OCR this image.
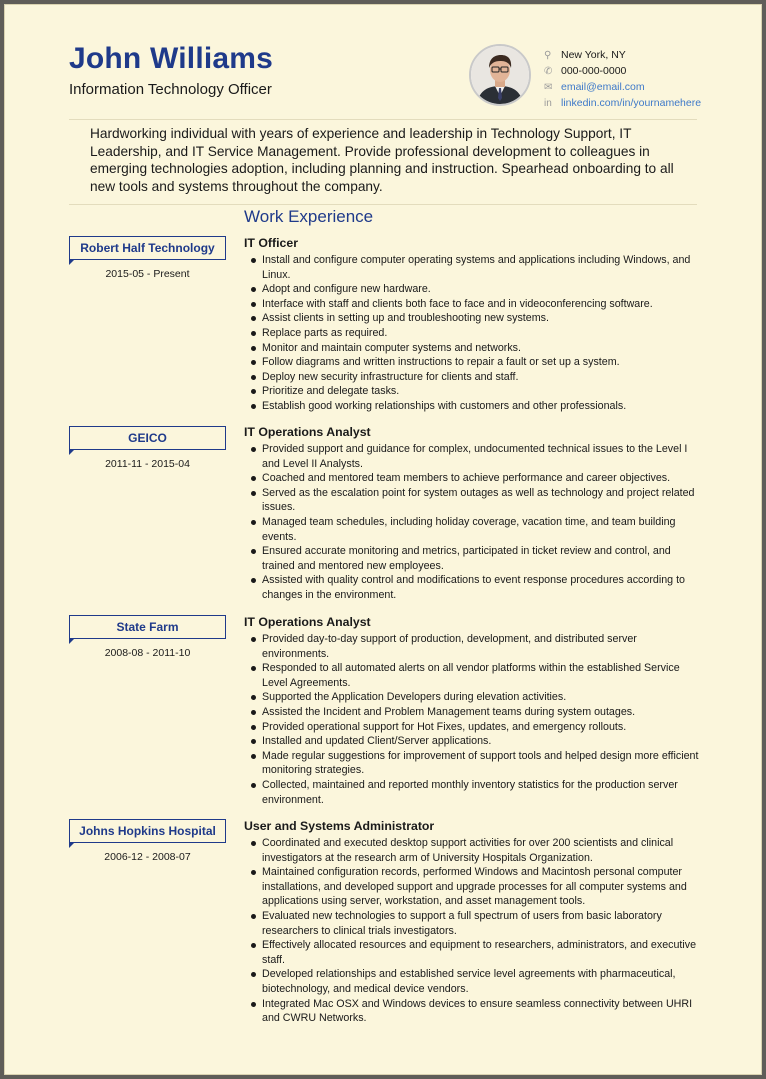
John Williams
Information Technology Officer
⚲ New York, NY
✆ 000-000-0000
✉ email@email.com
in linkedin.com/in/yournamehere
Hardworking individual with years of experience and leadership in Technology Support, IT Leadership, and IT Service Management. Provide professional development to colleagues in emerging technologies adoption, including planning and instruction. Spearhead onboarding to all new tools and systems throughout the company.
Work Experience
Robert Half Technology
2015-05 - Present
IT Officer
Install and configure computer operating systems and applications including Windows, and Linux.
Adopt and configure new hardware.
Interface with staff and clients both face to face and in videoconferencing software.
Assist clients in setting up and troubleshooting new systems.
Replace parts as required.
Monitor and maintain computer systems and networks.
Follow diagrams and written instructions to repair a fault or set up a system.
Deploy new security infrastructure for clients and staff.
Prioritize and delegate tasks.
Establish good working relationships with customers and other professionals.
GEICO
2011-11 - 2015-04
IT Operations Analyst
Provided support and guidance for complex, undocumented technical issues to the Level I and Level II Analysts.
Coached and mentored team members to achieve performance and career objectives.
Served as the escalation point for system outages as well as technology and project related issues.
Managed team schedules, including holiday coverage, vacation time, and team building events.
Ensured accurate monitoring and metrics, participated in ticket review and control, and trained and mentored new employees.
Assisted with quality control and modifications to event response procedures according to changes in the environment.
State Farm
2008-08 - 2011-10
IT Operations Analyst
Provided day-to-day support of production, development, and distributed server environments.
Responded to all automated alerts on all vendor platforms within the established Service Level Agreements.
Supported the Application Developers during elevation activities.
Assisted the Incident and Problem Management teams during system outages.
Provided operational support for Hot Fixes, updates, and emergency rollouts.
Installed and updated Client/Server applications.
Made regular suggestions for improvement of support tools and helped design more efficient monitoring strategies.
Collected, maintained and reported monthly inventory statistics for the production server environment.
Johns Hopkins Hospital
2006-12 - 2008-07
User and Systems Administrator
Coordinated and executed desktop support activities for over 200 scientists and clinical investigators at the research arm of University Hospitals Organization.
Maintained configuration records, performed Windows and Macintosh personal computer installations, and developed support and upgrade processes for all computer systems and applications using server, workstation, and asset management tools.
Evaluated new technologies to support a full spectrum of users from basic laboratory researchers to clinical trials investigators.
Effectively allocated resources and equipment to researchers, administrators, and executive staff.
Developed relationships and established service level agreements with pharmaceutical, biotechnology, and medical device vendors.
Integrated Mac OSX and Windows devices to ensure seamless connectivity between UHRI and CWRU Networks.
